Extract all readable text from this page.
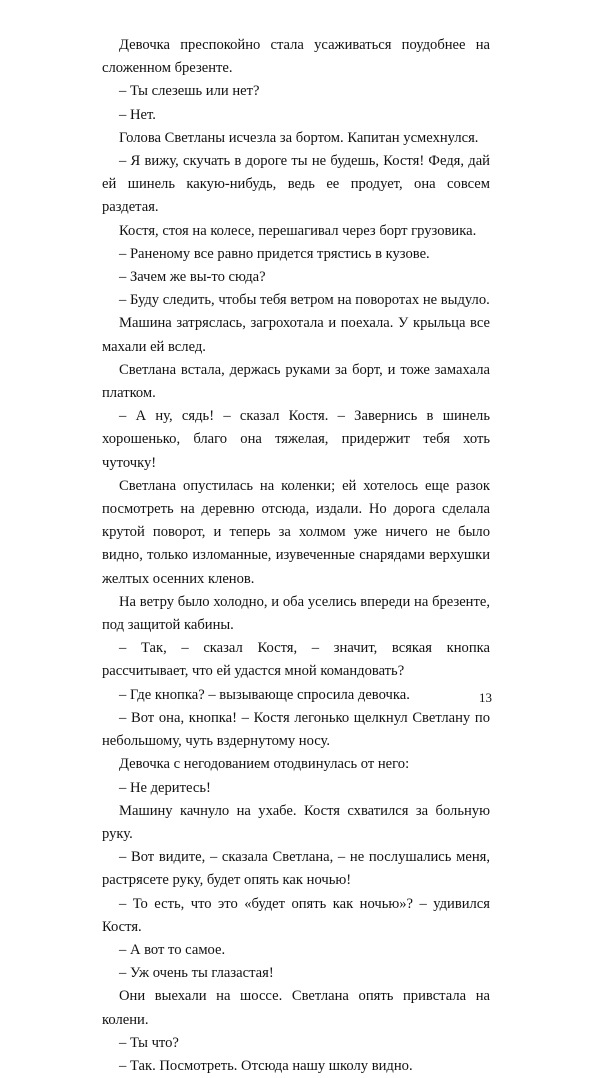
Девочка преспокойно стала усаживаться поудобнее на сложенном брезенте.

– Ты слезешь или нет?

– Нет.

Голова Светланы исчезла за бортом. Капитан усмехнулся.

– Я вижу, скучать в дороге ты не будешь, Костя! Федя, дай ей шинель какую-нибудь, ведь ее продует, она совсем раздетая.

Костя, стоя на колесе, перешагивал через борт грузовика.

– Раненому все равно придется трястись в кузове.

– Зачем же вы-то сюда?

– Буду следить, чтобы тебя ветром на поворотах не выдуло.

Машина затряслась, загрохотала и поехала. У крыльца все махали ей вслед.

Светлана встала, держась руками за борт, и тоже замахала платком.

– А ну, сядь! – сказал Костя. – Завернись в шинель хорошенько, благо она тяжелая, придержит тебя хоть чуточку!

Светлана опустилась на коленки; ей хотелось еще разок посмотреть на деревню отсюда, издали. Но дорога сделала крутой поворот, и теперь за холмом уже ничего не было видно, только изломанные, изувеченные снарядами верхушки желтых осенних кленов.

На ветру было холодно, и оба уселись впереди на брезенте, под защитой кабины.

– Так, – сказал Костя, – значит, всякая кнопка рассчитывает, что ей удастся мной командовать?

– Где кнопка? – вызывающе спросила девочка.

– Вот она, кнопка! – Костя легонько щелкнул Светлану по небольшому, чуть вздернутому носу.

Девочка с негодованием отодвинулась от него:

– Не деритесь!

Машину качнуло на ухабе. Костя схватился за больную руку.

– Вот видите, – сказала Светлана, – не послушались меня, растрясете руку, будет опять как ночью!

– То есть, что это «будет опять как ночью»? – удивился Костя.

– А вот то самое.

– Уж очень ты глазастая!

Они выехали на шоссе. Светлана опять привстала на колени.

– Ты что?

– Так. Посмотреть. Отсюда нашу школу видно.

13
